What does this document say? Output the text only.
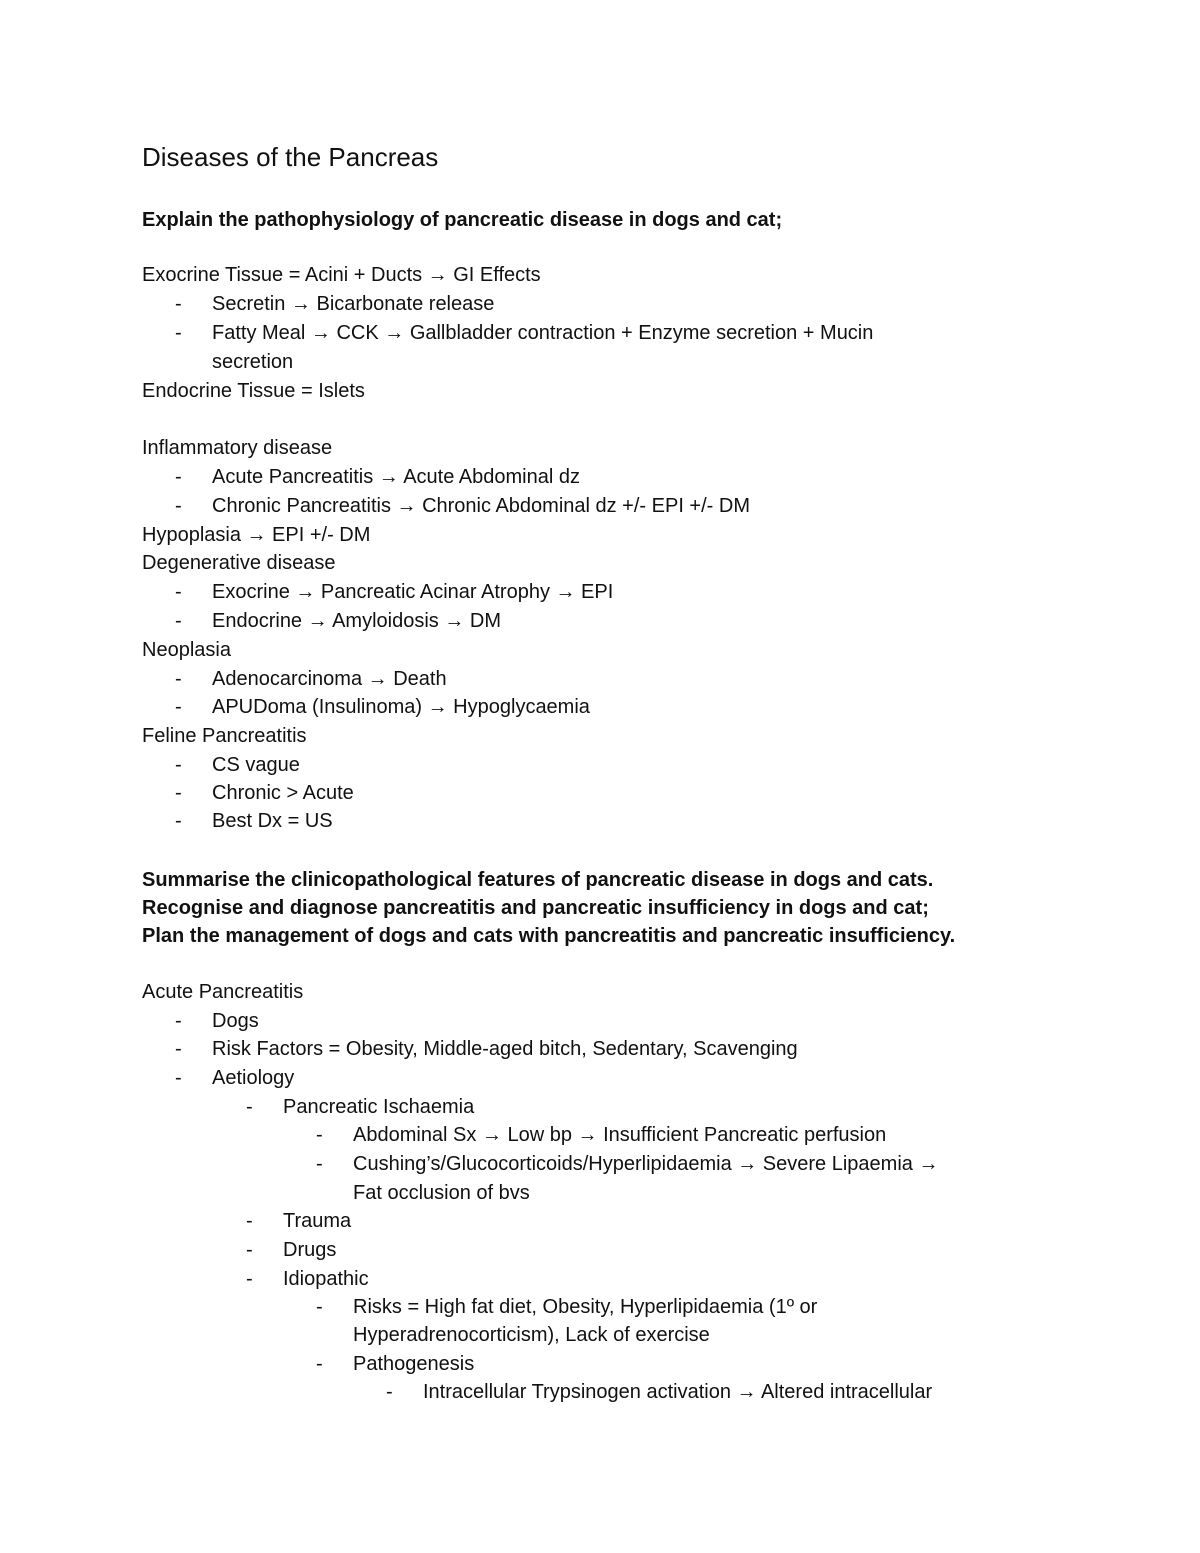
Diseases of the Pancreas
Explain the pathophysiology of pancreatic disease in dogs and cat;
Exocrine Tissue = Acini + Ducts → GI Effects
- Secretin → Bicarbonate release
- Fatty Meal → CCK → Gallbladder contraction + Enzyme secretion + Mucin
secretion
Endocrine Tissue = Islets
Inflammatory disease
- Acute Pancreatitis → Acute Abdominal dz
- Chronic Pancreatitis → Chronic Abdominal dz +/- EPI +/- DM
Hypoplasia → EPI +/- DM
Degenerative disease
- Exocrine → Pancreatic Acinar Atrophy → EPI
- Endocrine → Amyloidosis → DM
Neoplasia
- Adenocarcinoma → Death
- APUDoma (Insulinoma) → Hypoglycaemia
Feline Pancreatitis
- CS vague
- Chronic > Acute
- Best Dx = US
Summarise the clinicopathological features of pancreatic disease in dogs and cats.
Recognise and diagnose pancreatitis and pancreatic insufficiency in dogs and cat;
Plan the management of dogs and cats with pancreatitis and pancreatic insufficiency.
Acute Pancreatitis
- Dogs
- Risk Factors = Obesity, Middle-aged bitch, Sedentary, Scavenging
- Aetiology
- Pancreatic Ischaemia
- Abdominal Sx → Low bp → Insufficient Pancreatic perfusion
- Cushing’s/Glucocorticoids/Hyperlipidaemia → Severe Lipaemia →
Fat occlusion of bvs
- Trauma
- Drugs
- Idiopathic
- Risks = High fat diet, Obesity, Hyperlipidaemia (1º or
Hyperadrenocorticism), Lack of exercise
- Pathogenesis
- Intracellular Trypsinogen activation → Altered intracellular
